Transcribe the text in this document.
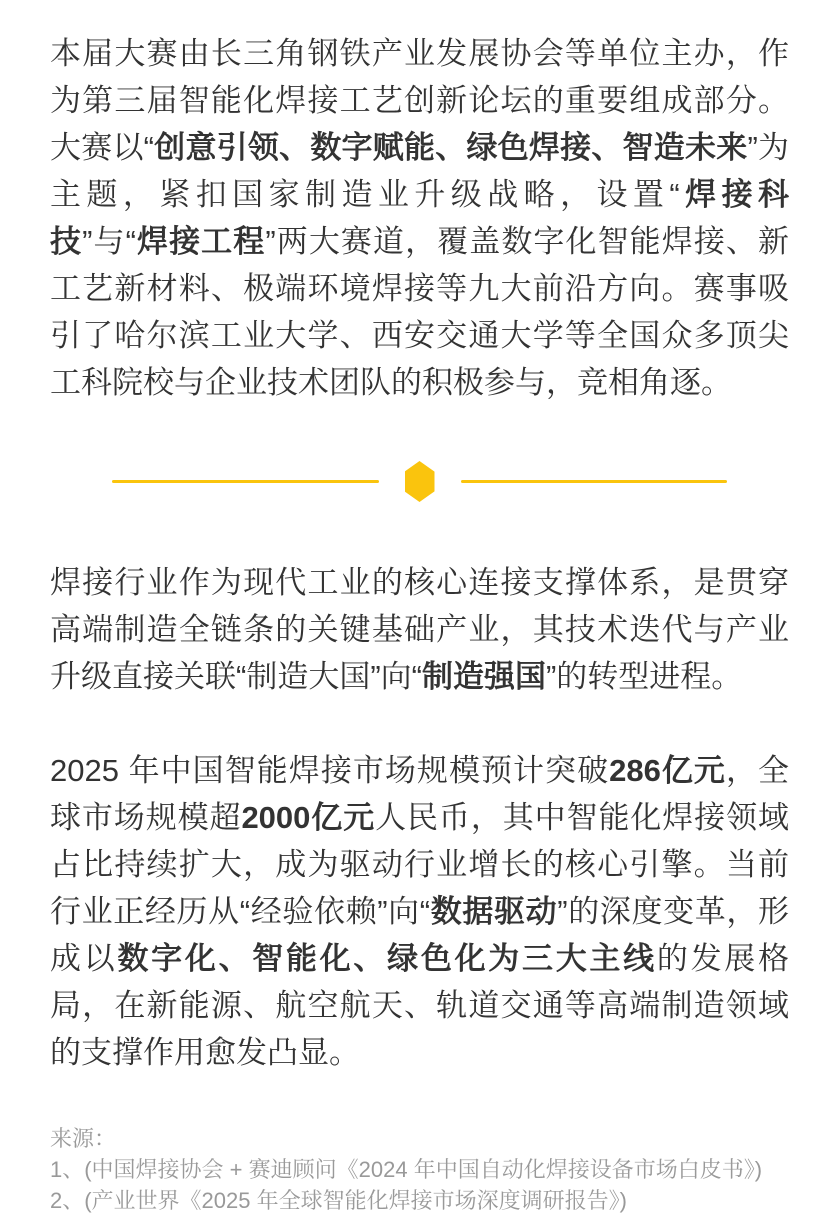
本届大赛由长三角钢铁产业发展协会等单位主办，作为第三届智能化焊接工艺创新论坛的重要组成部分。大赛以“创意引领、数字赋能、绿色焊接、智造未来”为主题，紧扣国家制造业升级战略，设置“焊接科技”与“焊接工程”两大赛道，覆盖数字化智能焊接、新工艺新材料、极端环境焊接等九大前沿方向。赛事吸引了哈尔滨工业大学、西安交通大学等全国众多顶尖工科院校与企业技术团队的积极参与，竞相角逐。

焊接行业作为现代工业的核心连接支撑体系，是贯穿高端制造全链条的关键基础产业，其技术迭代与产业升级直接关联“制造大国”向“制造强国”的转型进程。

2025 年中国智能焊接市场规模预计突破286亿元，全球市场规模超2000亿元人民币，其中智能化焊接领域占比持续扩大，成为驱动行业增长的核心引擎。当前行业正经历从“经验依赖”向“数据驱动”的深度变革，形成以数字化、智能化、绿色化为三大主线的发展格局，在新能源、航空航天、轨道交通等高端制造领域的支撑作用愈发凸显。

来源：
1、(中国焊接协会 + 赛迪顾问《2024 年中国自动化焊接设备市场白皮书》)
2、(产业世界《2025 年全球智能化焊接市场深度调研报告》)
